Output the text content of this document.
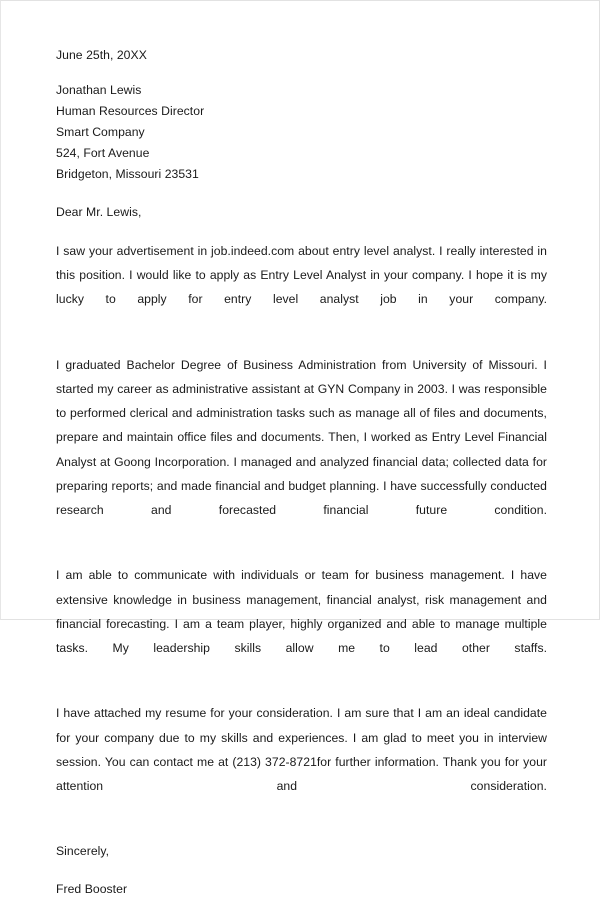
June 25th, 20XX
Jonathan Lewis
Human Resources Director
Smart Company
524, Fort Avenue
Bridgeton, Missouri 23531
Dear Mr. Lewis,

I saw your advertisement in job.indeed.com about entry level analyst. I really interested in this position. I would like to apply as Entry Level Analyst in your company. I hope it is my lucky to apply for entry level analyst job in your company.

I graduated Bachelor Degree of Business Administration from University of Missouri. I started my career as administrative assistant at GYN Company in 2003. I was responsible to performed clerical and administration tasks such as manage all of files and documents, prepare and maintain office files and documents. Then, I worked as Entry Level Financial Analyst at Goong Incorporation. I managed and analyzed financial data; collected data for preparing reports; and made financial and budget planning. I have successfully conducted research and forecasted financial future condition.

I am able to communicate with individuals or team for business management. I have extensive knowledge in business management, financial analyst, risk management and financial forecasting. I am a team player, highly organized and able to manage multiple tasks. My leadership skills allow me to lead other staffs.

I have attached my resume for your consideration. I am sure that I am an ideal candidate for your company due to my skills and experiences. I am glad to meet you in interview session. You can contact me at (213) 372-8721for further information. Thank you for your attention and consideration.

Sincerely,
Fred Booster
